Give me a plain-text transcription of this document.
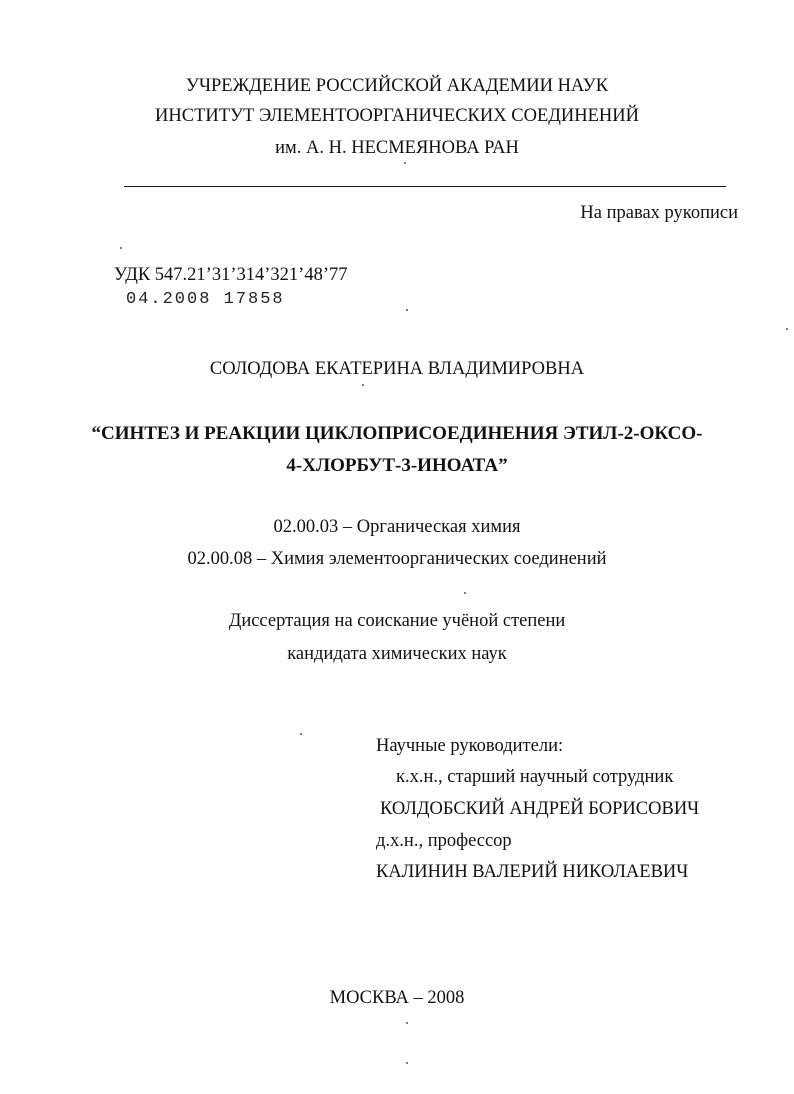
УЧРЕЖДЕНИЕ РОССИЙСКОЙ АКАДЕМИИ НАУК
ИНСТИТУТ ЭЛЕМЕНТООРГАНИЧЕСКИХ СОЕДИНЕНИЙ
им. А. Н. НЕСМЕЯНОВА РАН
На правах рукописи
УДК 547.21’31’314’321’48’77
04.2008 17858
СОЛОДОВА ЕКАТЕРИНА ВЛАДИМИРОВНА
“СИНТЕЗ И РЕАКЦИИ ЦИКЛОПРИСОЕДИНЕНИЯ ЭТИЛ-2-ОКСО-
4-ХЛОРБУТ-3-ИНОАТА”
02.00.03 – Органическая химия
02.00.08 – Химия элементоорганических соединений
Диссертация на соискание учёной степени
кандидата химических наук
Научные руководители:
к.х.н., старший научный сотрудник
КОЛДОБСКИЙ АНДРЕЙ БОРИСОВИЧ
д.х.н., профессор
КАЛИНИН ВАЛЕРИЙ НИКОЛАЕВИЧ
МОСКВА – 2008
